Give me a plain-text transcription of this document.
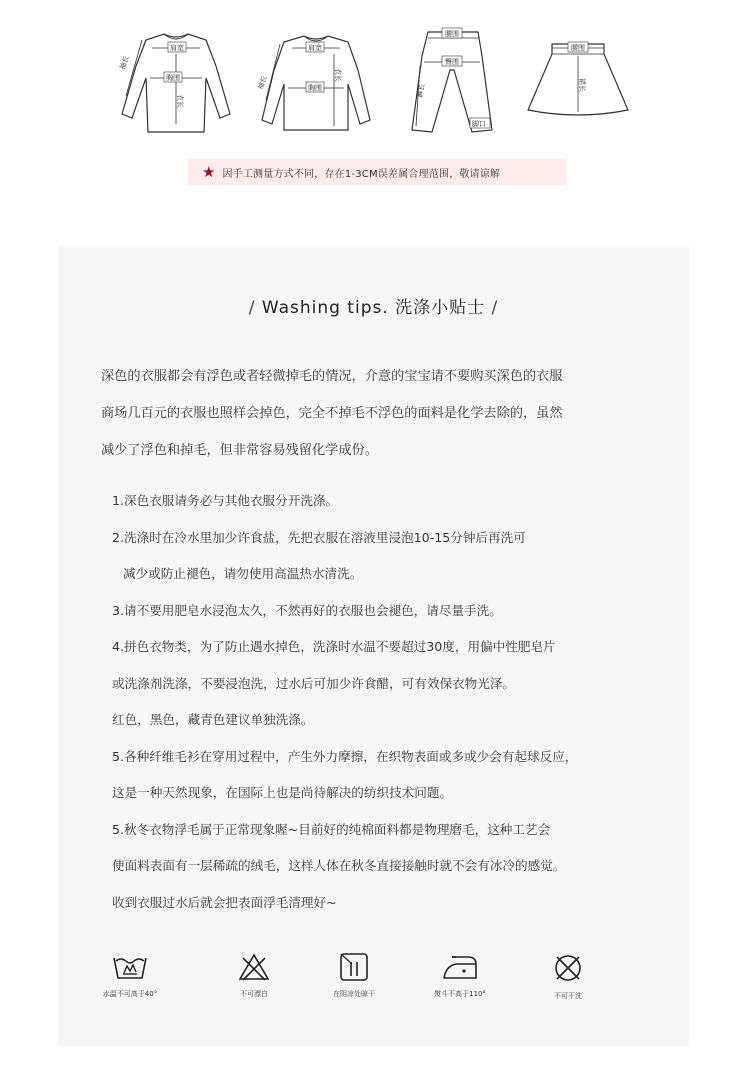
肩宽
胸围
衣长
袖长
肩宽
胸围
衣长
袖长
腰围
臀围
裤长
脚口
腰围
裙长
★ 因手工测量方式不同，存在1-3CM误差属合理范围，敬请谅解
/ Washing tips. 洗涤小贴士 /

深色的衣服都会有浮色或者轻微掉毛的情况，介意的宝宝请不要购买深色的衣服

商场几百元的衣服也照样会掉色，完全不掉毛不浮色的面料是化学去除的，虽然

减少了浮色和掉毛，但非常容易残留化学成份。

1.深色衣服请务必与其他衣服分开洗涤。

2.洗涤时在冷水里加少许食盐，先把衣服在溶液里浸泡10-15分钟后再洗可

减少或防止褪色，请勿使用高温热水清洗。

3.请不要用肥皂水浸泡太久，不然再好的衣服也会褪色，请尽量手洗。

4.拼色衣物类，为了防止遇水掉色，洗涤时水温不要超过30度，用偏中性肥皂片

或洗涤剂洗涤，不要浸泡洗，过水后可加少许食醋，可有效保衣物光泽。

红色，黑色，藏青色建议单独洗涤。

5.各种纤维毛衫在穿用过程中，产生外力摩擦，在织物表面或多或少会有起球反应，

这是一种天然现象，在国际上也是尚待解决的纺织技术问题。

5.秋冬衣物浮毛属于正常现象喔~目前好的纯棉面料都是物理磨毛，这种工艺会

使面料表面有一层稀疏的绒毛，这样人体在秋冬直接接触时就不会有冰冷的感觉。

收到衣服过水后就会把表面浮毛清理好~

水温不可高于40°	不可漂白	在阴凉处晾干	熨斗不高于110°	不可干洗
